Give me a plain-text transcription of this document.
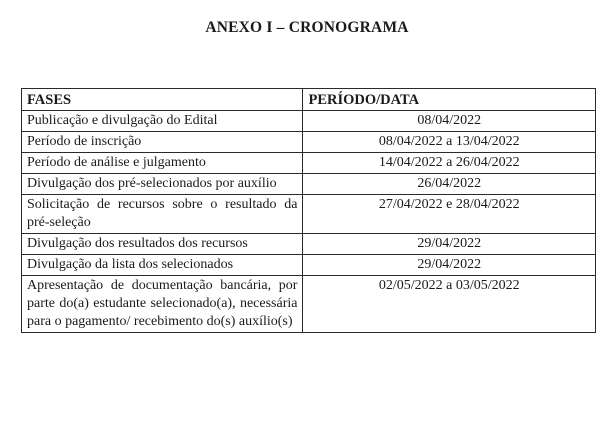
ANEXO I – CRONOGRAMA
FASES	PERÍODO/DATA
Publicação e divulgação do Edital	08/04/2022
Período de inscrição	08/04/2022 a 13/04/2022
Período de análise e julgamento	14/04/2022 a 26/04/2022
Divulgação dos pré-selecionados por auxílio	26/04/2022
Solicitação de recursos sobre o resultado da pré-seleção	27/04/2022 e 28/04/2022
Divulgação dos resultados dos recursos	29/04/2022
Divulgação da lista dos selecionados	29/04/2022
Apresentação de documentação bancária, por parte do(a) estudante selecionado(a), necessária para o pagamento/ recebimento do(s) auxílio(s)	02/05/2022 a 03/05/2022
